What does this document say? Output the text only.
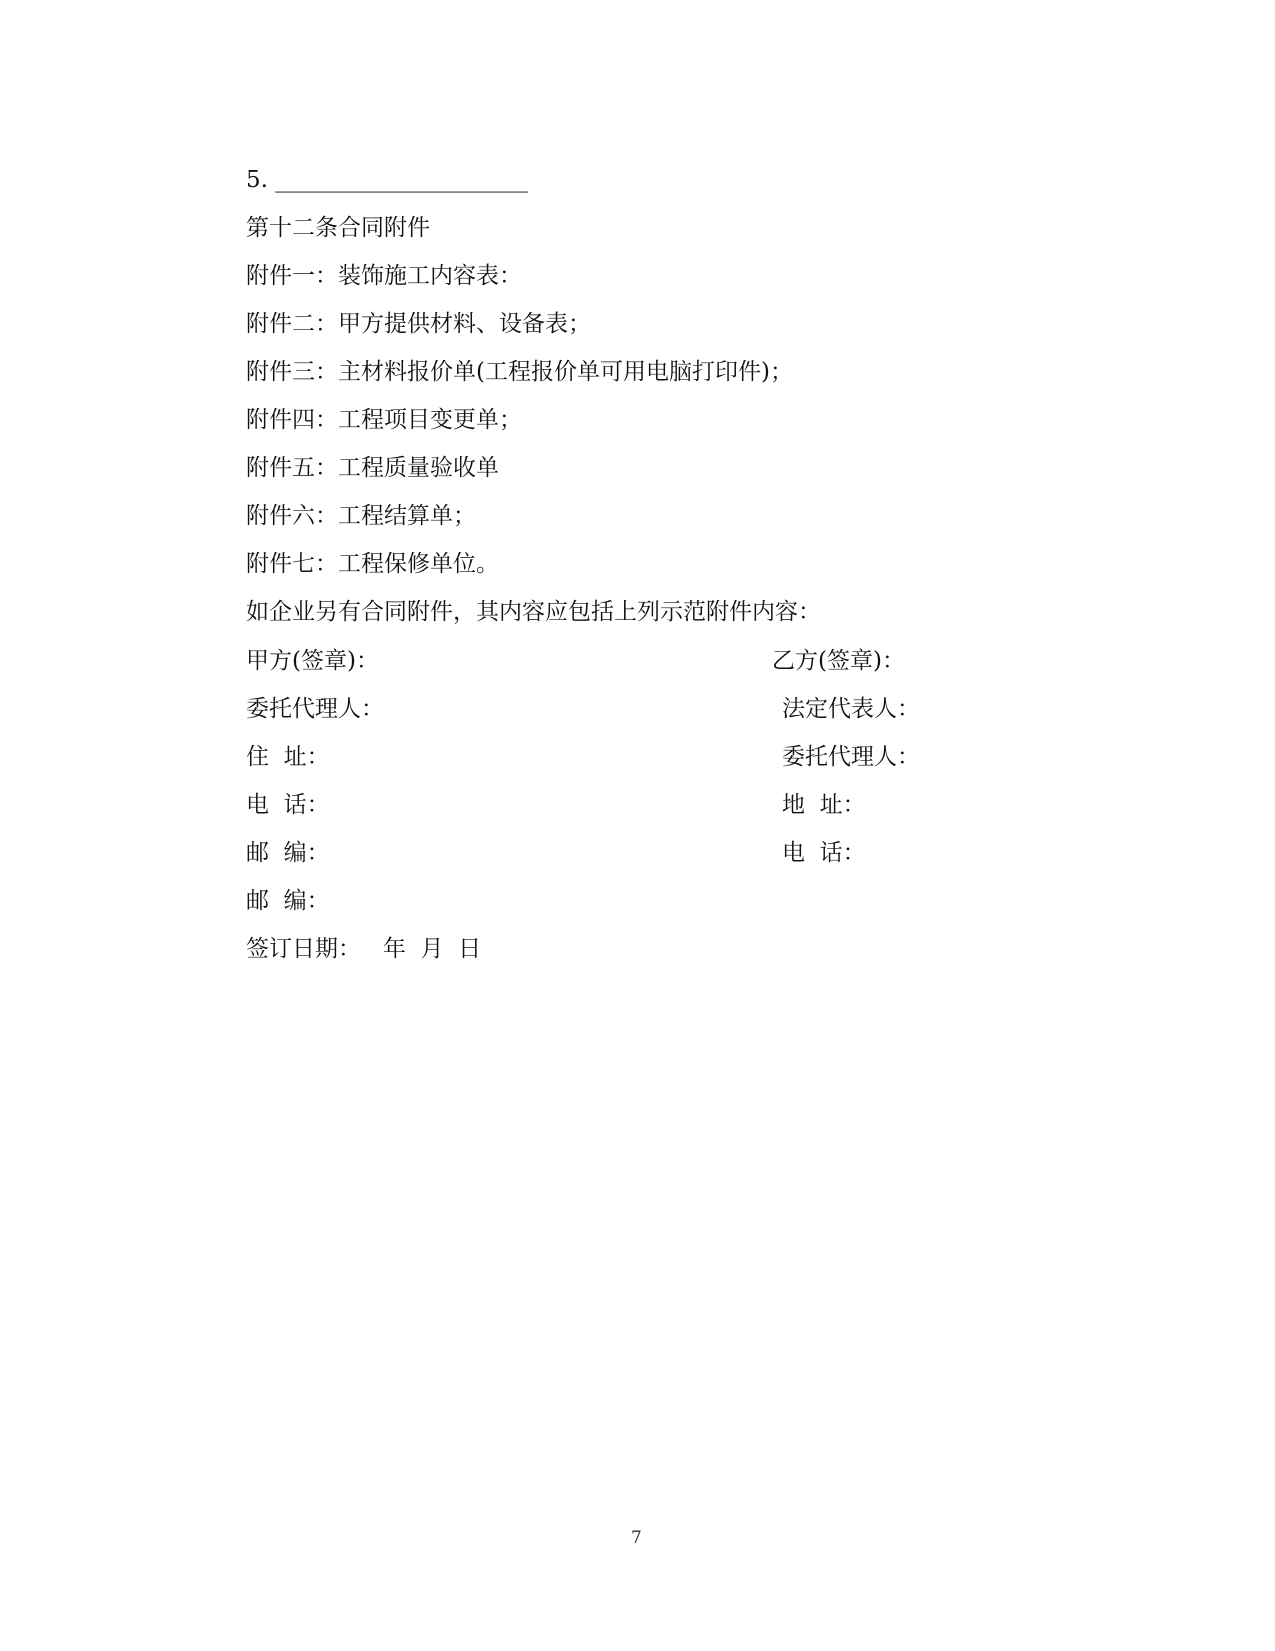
5. ______________________
第十二条合同附件
附件一：装饰施工内容表：
附件二：甲方提供材料、设备表；
附件三：主材料报价单(工程报价单可用电脑打印件)；
附件四：工程项目变更单；
附件五：工程质量验收单
附件六：工程结算单；
附件七：工程保修单位。
如企业另有合同附件，其内容应包括上列示范附件内容：
甲方(签章)：	乙方(签章)：
委托代理人：	法定代表人：
住  址：	委托代理人：
电  话：	地  址：
邮  编：	电  话：
邮  编：
签订日期：   年  月  日
7
